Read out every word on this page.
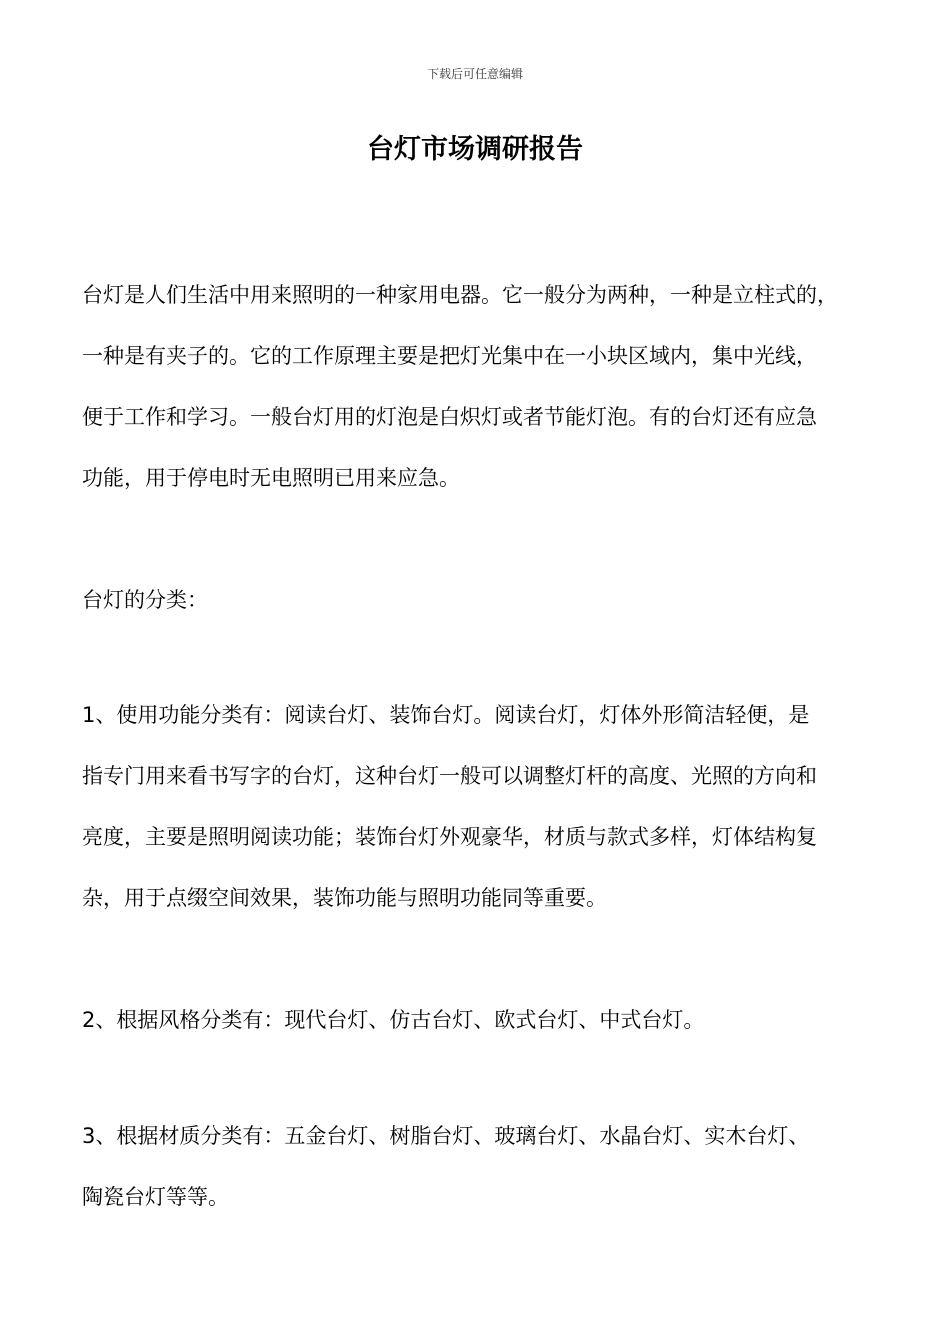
下载后可任意编辑
台灯市场调研报告
台灯是人们生活中用来照明的一种家用电器。它一般分为两种，一种是立柱式的，
一种是有夹子的。它的工作原理主要是把灯光集中在一小块区域内，集中光线，
便于工作和学习。一般台灯用的灯泡是白炽灯或者节能灯泡。有的台灯还有应急
功能，用于停电时无电照明已用来应急。
台灯的分类：
1、使用功能分类有：阅读台灯、装饰台灯。阅读台灯，灯体外形简洁轻便，是
指专门用来看书写字的台灯，这种台灯一般可以调整灯杆的高度、光照的方向和
亮度，主要是照明阅读功能；装饰台灯外观豪华，材质与款式多样，灯体结构复
杂，用于点缀空间效果，装饰功能与照明功能同等重要。
2、根据风格分类有：现代台灯、仿古台灯、欧式台灯、中式台灯。
3、根据材质分类有：五金台灯、树脂台灯、玻璃台灯、水晶台灯、实木台灯、
陶瓷台灯等等。
